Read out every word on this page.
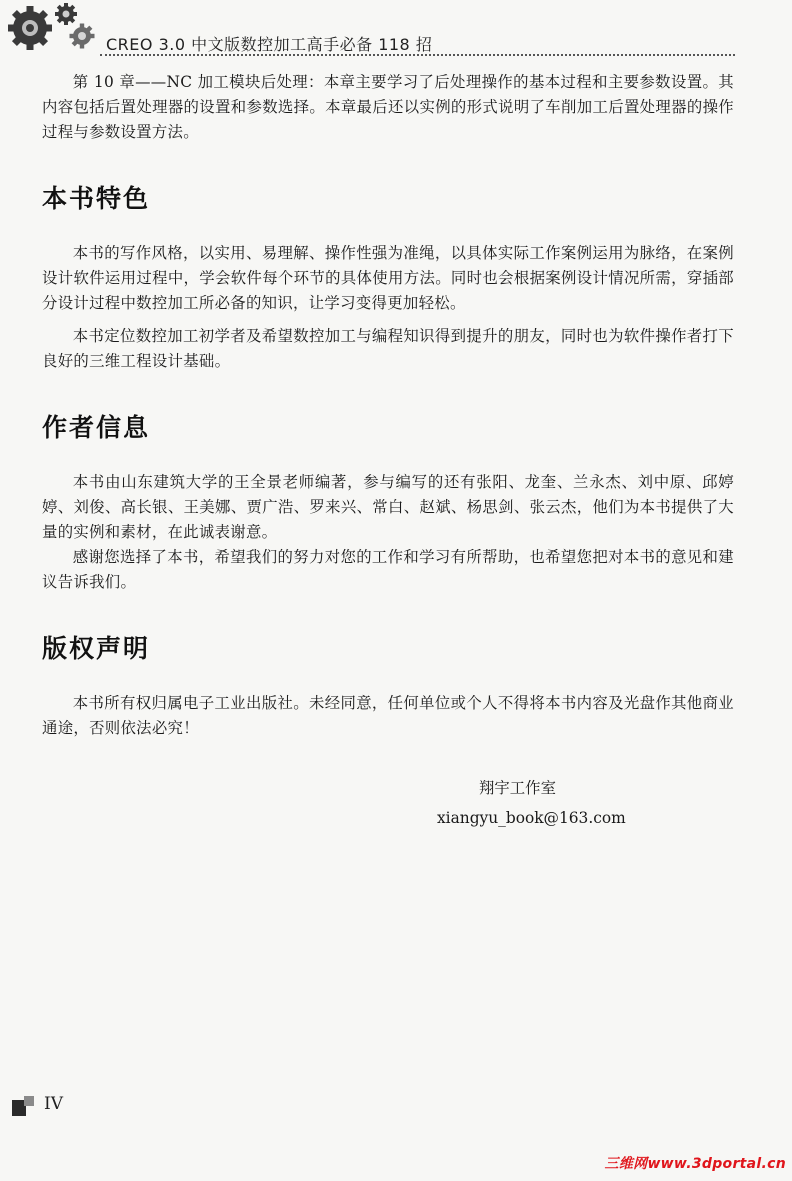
CREO 3.0 中文版数控加工高手必备 118 招

第 10 章——NC 加工模块后处理：本章主要学习了后处理操作的基本过程和主要参数设置。其内容包括后置处理器的设置和参数选择。本章最后还以实例的形式说明了车削加工后置处理器的操作过程与参数设置方法。

本书特色

本书的写作风格，以实用、易理解、操作性强为准绳，以具体实际工作案例运用为脉络，在案例设计软件运用过程中，学会软件每个环节的具体使用方法。同时也会根据案例设计情况所需，穿插部分设计过程中数控加工所必备的知识，让学习变得更加轻松。

本书定位数控加工初学者及希望数控加工与编程知识得到提升的朋友，同时也为软件操作者打下良好的三维工程设计基础。

作者信息

本书由山东建筑大学的王全景老师编著，参与编写的还有张阳、龙奎、兰永杰、刘中原、邱婷婷、刘俊、高长银、王美娜、贾广浩、罗来兴、常白、赵斌、杨思剑、张云杰，他们为本书提供了大量的实例和素材，在此诚表谢意。

感谢您选择了本书，希望我们的努力对您的工作和学习有所帮助，也希望您把对本书的意见和建议告诉我们。

版权声明

本书所有权归属电子工业出版社。未经同意，任何单位或个人不得将本书内容及光盘作其他商业通途，否则依法必究！

翔宇工作室
xiangyu_book@163.com
IV
三维网www.3dportal.cn
